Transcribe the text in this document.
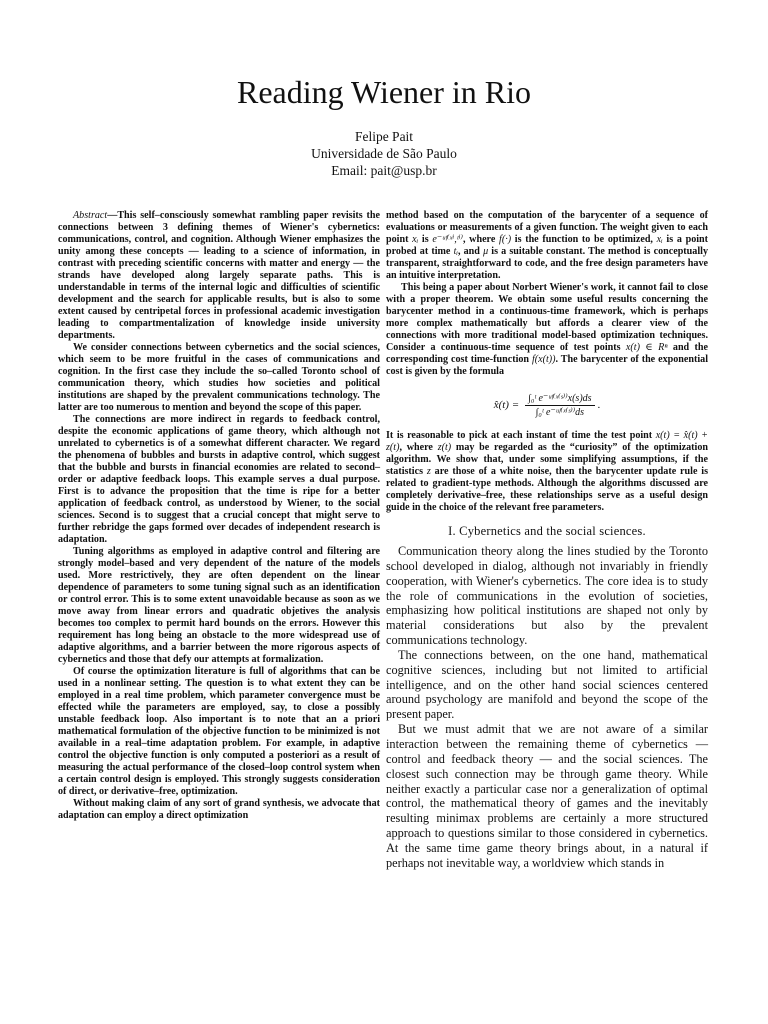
Reading Wiener in Rio
Felipe Pait
Universidade de São Paulo
Email: pait@usp.br

Abstract—This self–consciously somewhat rambling paper revisits the connections between 3 defining themes of Wiener's cybernetics: communications, control, and cognition. Although Wiener emphasizes the unity among these concepts — leading to a science of information, in contrast with preceding scientific concerns with matter and energy — the strands have developed along largely separate paths. This is understandable in terms of the internal logic and difficulties of scientific development and the search for applicable results, but is also to some extent caused by centripetal forces in professional academic investigation leading to compartmentalization of knowledge inside university departments.

We consider connections between cybernetics and the social sciences, which seem to be more fruitful in the cases of communications and cognition. In the first case they include the so–called Toronto school of communication theory, which studies how societies and political institutions are shaped by the prevalent communications technology. The latter are too numerous to mention and beyond the scope of this paper.

The connections are more indirect in regards to feedback control, despite the economic applications of game theory, which although not unrelated to cybernetics is of a somewhat different character. We regard the phenomena of bubbles and bursts in adaptive control, which suggest that the bubble and bursts in financial economies are related to second–order or adaptive feedback loops. This example serves a dual purpose. First is to advance the proposition that the time is ripe for a better application of feedback control, as understood by Wiener, to the social sciences. Second is to suggest that a crucial concept that might serve to further rebridge the gaps formed over decades of independent research is adaptation.

Tuning algorithms as employed in adaptive control and filtering are strongly model–based and very dependent of the nature of the models used. More restrictively, they are often dependent on the linear dependence of parameters to some tuning signal such as an identification or control error. This is to some extent unavoidable because as soon as we move away from linear errors and quadratic objetives the analysis becomes too complex to permit hard bounds on the errors. However this requirement has long being an obstacle to the more widespread use of adaptive algorithms, and a barrier between the more rigorous aspects of cybernetics and those that defy our attempts at formalization.

Of course the optimization literature is full of algorithms that can be used in a nonlinear setting. The question is to what extent they can be employed in a real time problem, which parameter convergence must be effected while the parameters are employed, say, to close a possibly unstable feedback loop. Also important is to note that an a priori mathematical formulation of the objective function to be minimized is not available in a real–time adaptation problem. For example, in adaptive control the objective function is only computed a posteriori as a result of measuring the actual performance of the closed–loop control system when a certain control design is employed. This strongly suggests consideration of direct, or derivative–free, optimization.

Without making claim of any sort of grand synthesis, we advocate that adaptation can employ a direct optimization

method based on the computation of the barycenter of a sequence of evaluations or measurements of a given function. The weight given to each point xᵢ is e⁻ᵘᶠ⁽ˣⁱ,ᵗⁱ⁾, where f(·) is the function to be optimized, xᵢ is a point probed at time tᵢ, and μ is a suitable constant. The method is conceptually transparent, straightforward to code, and the free design parameters have an intuitive interpretation.

This being a paper about Norbert Wiener's work, it cannot fail to close with a proper theorem. We obtain some useful results concerning the barycenter method in a continuous-time framework, which is perhaps more complex mathematically but affords a clearer view of the connections with more traditional model-based optimization techniques. Consider a continuous-time sequence of test points x(t) ∈ Rⁿ and the corresponding cost time-function f(x(t)). The barycenter of the exponential cost is given by the formula

x̂(t) = $\frac{\text{∫₀ᵗ e⁻ᵘᶠ⁽ˣ⁽ˢ⁾⁾x(s)ds}}{\text{∫₀ᵗ e⁻ᵘᶠ⁽ˣ⁽ˢ⁾⁾ds}}$ .

It is reasonable to pick at each instant of time the test point x(t) = x̂(t) + z(t), where z(t) may be regarded as the “curiosity” of the optimization algorithm. We show that, under some simplifying assumptions, if the statistics z are those of a white noise, then the barycenter update rule is related to gradient-type methods. Although the algorithms discussed are completely derivative–free, these relationships serve as a useful design guide in the choice of the relevant free parameters.

I. Cybernetics and the social sciences.

Communication theory along the lines studied by the Toronto school developed in dialog, although not invariably in friendly cooperation, with Wiener's cybernetics. The core idea is to study the role of communications in the evolution of societies, emphasizing how political institutions are shaped not only by material considerations but also by the prevalent communications technology.

The connections between, on the one hand, mathematical cognitive sciences, including but not limited to artificial intelligence, and on the other hand social sciences centered around psychology are manifold and beyond the scope of the present paper.

But we must admit that we are not aware of a similar interaction between the remaining theme of cybernetics — control and feedback theory — and the social sciences. The closest such connection may be through game theory. While neither exactly a particular case nor a generalization of optimal control, the mathematical theory of games and the inevitably resulting minimax problems are certainly a more structured approach to questions similar to those considered in cybernetics. At the same time game theory brings about, in a natural if perhaps not inevitable way, a worldview which stands in
